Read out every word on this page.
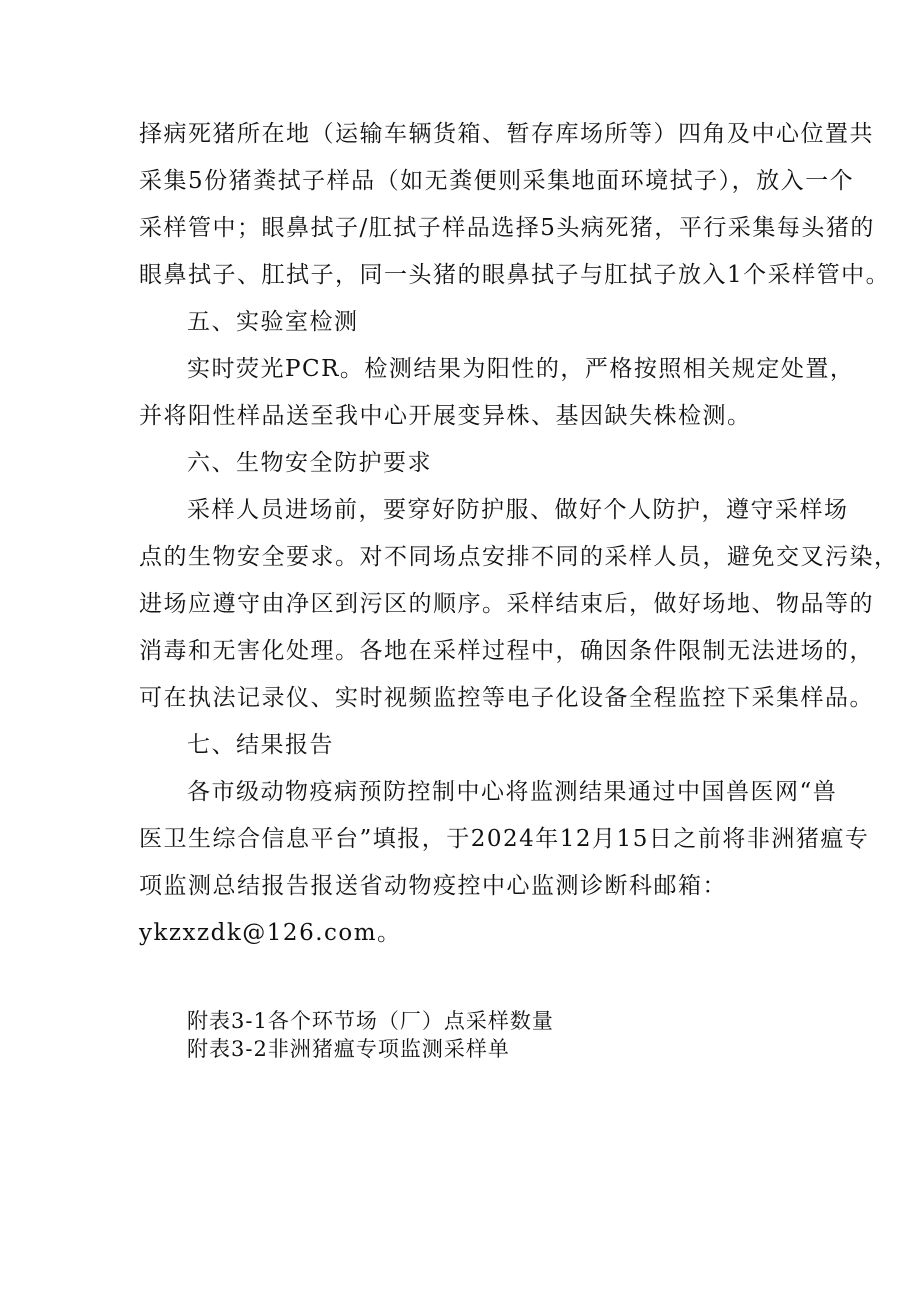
择病死猪所在地（运输车辆货箱、暂存库场所等）四角及中心位置共
采集5份猪粪拭子样品（如无粪便则采集地面环境拭子），放入一个
采样管中；眼鼻拭子/肛拭子样品选择5头病死猪，平行采集每头猪的
眼鼻拭子、肛拭子，同一头猪的眼鼻拭子与肛拭子放入1个采样管中。
五、实验室检测
实时荧光PCR。检测结果为阳性的，严格按照相关规定处置，
并将阳性样品送至我中心开展变异株、基因缺失株检测。
六、生物安全防护要求
采样人员进场前，要穿好防护服、做好个人防护，遵守采样场
点的生物安全要求。对不同场点安排不同的采样人员，避免交叉污染，
进场应遵守由净区到污区的顺序。采样结束后，做好场地、物品等的
消毒和无害化处理。各地在采样过程中，确因条件限制无法进场的，
可在执法记录仪、实时视频监控等电子化设备全程监控下采集样品。
七、结果报告
各市级动物疫病预防控制中心将监测结果通过中国兽医网“兽
医卫生综合信息平台”填报，于2024年12月15日之前将非洲猪瘟专
项监测总结报告报送省动物疫控中心监测诊断科邮箱：
ykzxzdk@126.com。
附表3-1各个环节场（厂）点采样数量
附表3-2非洲猪瘟专项监测采样单
